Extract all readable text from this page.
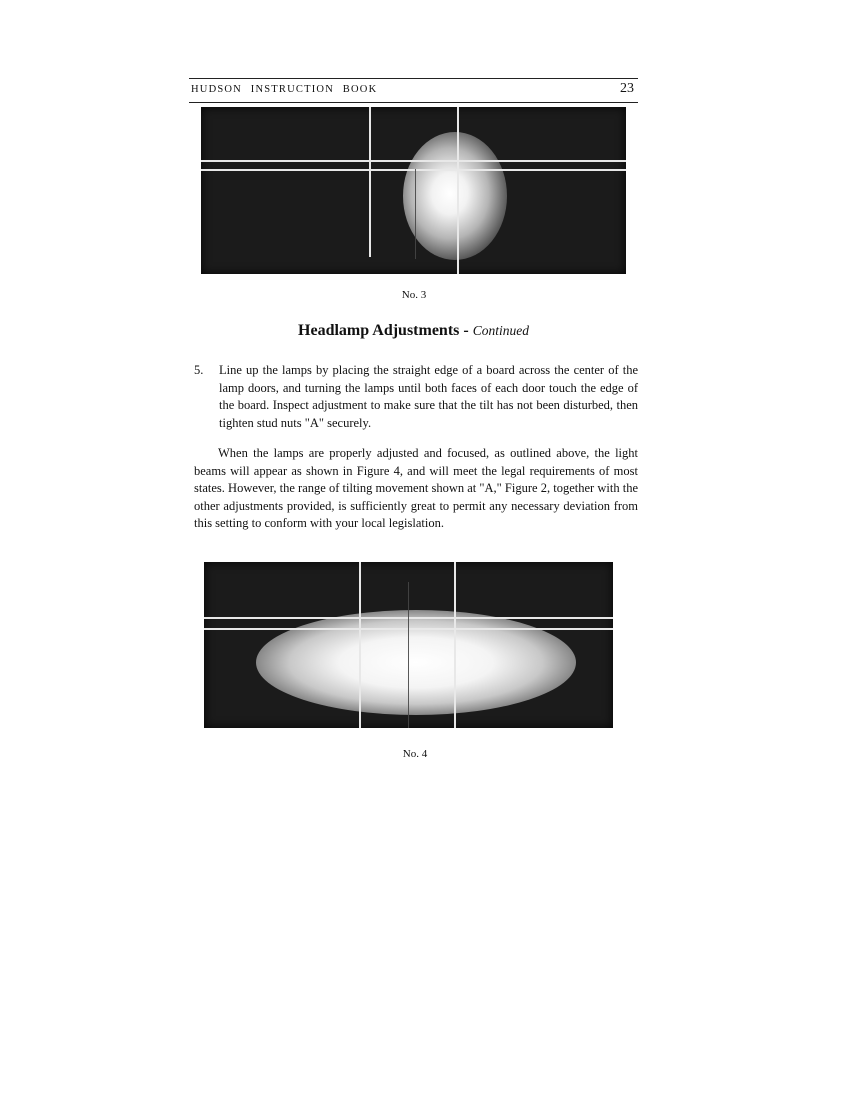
HUDSON INSTRUCTION BOOK	23
No. 3
Headlamp Adjustments - Continued
5. Line up the lamps by placing the straight edge of a board across the center of the lamp doors, and turning the lamps until both faces of each door touch the edge of the board. Inspect adjustment to make sure that the tilt has not been disturbed, then tighten stud nuts "A" securely.
When the lamps are properly adjusted and focused, as outlined above, the light beams will appear as shown in Figure 4, and will meet the legal requirements of most states. However, the range of tilting movement shown at "A," Figure 2, together with the other adjustments provided, is sufficiently great to permit any necessary deviation from this setting to conform with your local legislation.
No. 4
